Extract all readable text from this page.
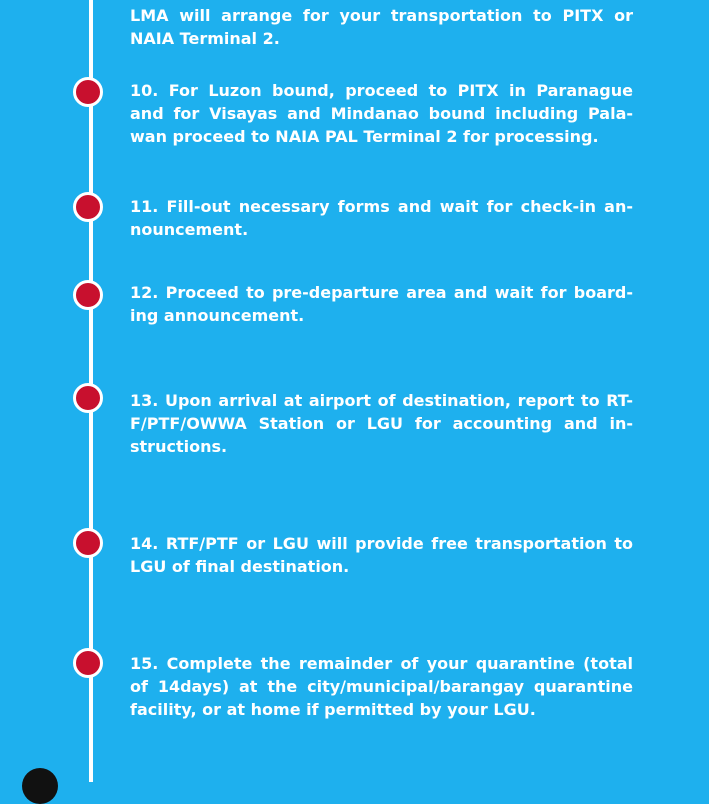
LMA will arrange for your transportation to PITX or
NAIA Terminal 2.

10. For Luzon bound, proceed to PITX in Paranague
and for Visayas and Mindanao bound including Pala-
wan proceed to NAIA PAL Terminal 2 for processing.

11. Fill-out necessary forms and wait for check-in an-
nouncement.

12. Proceed to pre-departure area and wait for board-
ing announcement.

13. Upon arrival at airport of destination, report to RT-
F/PTF/OWWA Station or LGU for accounting and in-
structions.

14. RTF/PTF or LGU will provide free transportation to
LGU of final destination.

15. Complete the remainder of your quarantine (total
of 14days) at the city/municipal/barangay quarantine
facility, or at home if permitted by your LGU.
